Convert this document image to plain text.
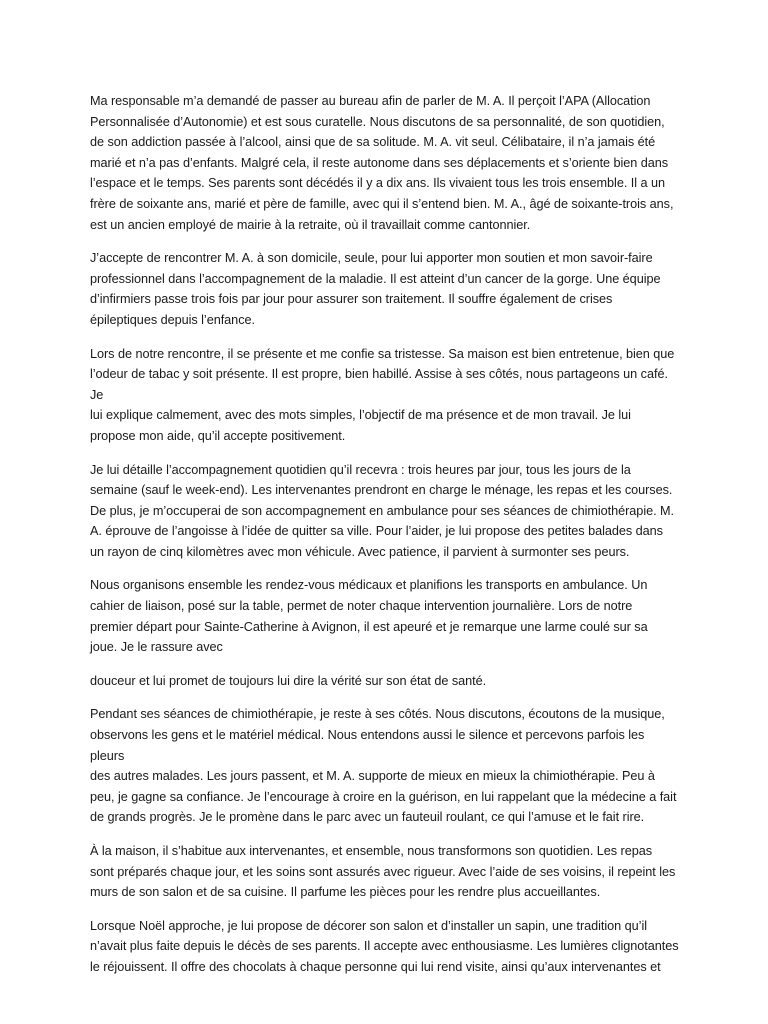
Ma responsable m’a demandé de passer au bureau afin de parler de M. A. Il perçoit l’APA (Allocation
Personnalisée d’Autonomie) et est sous curatelle. Nous discutons de sa personnalité, de son quotidien,
de son addiction passée à l’alcool, ainsi que de sa solitude. M. A. vit seul. Célibataire, il n’a jamais été
marié et n’a pas d’enfants. Malgré cela, il reste autonome dans ses déplacements et s’oriente bien dans
l’espace et le temps. Ses parents sont décédés il y a dix ans. Ils vivaient tous les trois ensemble. Il a un
frère de soixante ans, marié et père de famille, avec qui il s’entend bien. M. A., âgé de soixante-trois ans,
est un ancien employé de mairie à la retraite, où il travaillait comme cantonnier.

J’accepte de rencontrer M. A. à son domicile, seule, pour lui apporter mon soutien et mon savoir-faire
professionnel dans l’accompagnement de la maladie. Il est atteint d’un cancer de la gorge. Une équipe
d’infirmiers passe trois fois par jour pour assurer son traitement. Il souffre également de crises
épileptiques depuis l’enfance.

Lors de notre rencontre, il se présente et me confie sa tristesse. Sa maison est bien entretenue, bien que
l’odeur de tabac y soit présente. Il est propre, bien habillé. Assise à ses côtés, nous partageons un café. Je
lui explique calmement, avec des mots simples, l’objectif de ma présence et de mon travail. Je lui
propose mon aide, qu’il accepte positivement.

Je lui détaille l’accompagnement quotidien qu’il recevra : trois heures par jour, tous les jours de la
semaine (sauf le week-end). Les intervenantes prendront en charge le ménage, les repas et les courses.
De plus, je m’occuperai de son accompagnement en ambulance pour ses séances de chimiothérapie. M.
A. éprouve de l’angoisse à l’idée de quitter sa ville. Pour l’aider, je lui propose des petites balades dans
un rayon de cinq kilomètres avec mon véhicule. Avec patience, il parvient à surmonter ses peurs.

Nous organisons ensemble les rendez-vous médicaux et planifions les transports en ambulance. Un
cahier de liaison, posé sur la table, permet de noter chaque intervention journalière. Lors de notre
premier départ pour Sainte-Catherine à Avignon, il est apeuré et je remarque une larme coulé sur sa
joue. Je le rassure avec

douceur et lui promet de toujours lui dire la vérité sur son état de santé.

Pendant ses séances de chimiothérapie, je reste à ses côtés. Nous discutons, écoutons de la musique,
observons les gens et le matériel médical. Nous entendons aussi le silence et percevons parfois les pleurs
des autres malades. Les jours passent, et M. A. supporte de mieux en mieux la chimiothérapie. Peu à
peu, je gagne sa confiance. Je l’encourage à croire en la guérison, en lui rappelant que la médecine a fait
de grands progrès. Je le promène dans le parc avec un fauteuil roulant, ce qui l’amuse et le fait rire.

À la maison, il s’habitue aux intervenantes, et ensemble, nous transformons son quotidien. Les repas
sont préparés chaque jour, et les soins sont assurés avec rigueur. Avec l’aide de ses voisins, il repeint les
murs de son salon et de sa cuisine. Il parfume les pièces pour les rendre plus accueillantes.

Lorsque Noël approche, je lui propose de décorer son salon et d’installer un sapin, une tradition qu’il
n’avait plus faite depuis le décès de ses parents. Il accepte avec enthousiasme. Les lumières clignotantes
le réjouissent. Il offre des chocolats à chaque personne qui lui rend visite, ainsi qu’aux intervenantes et
